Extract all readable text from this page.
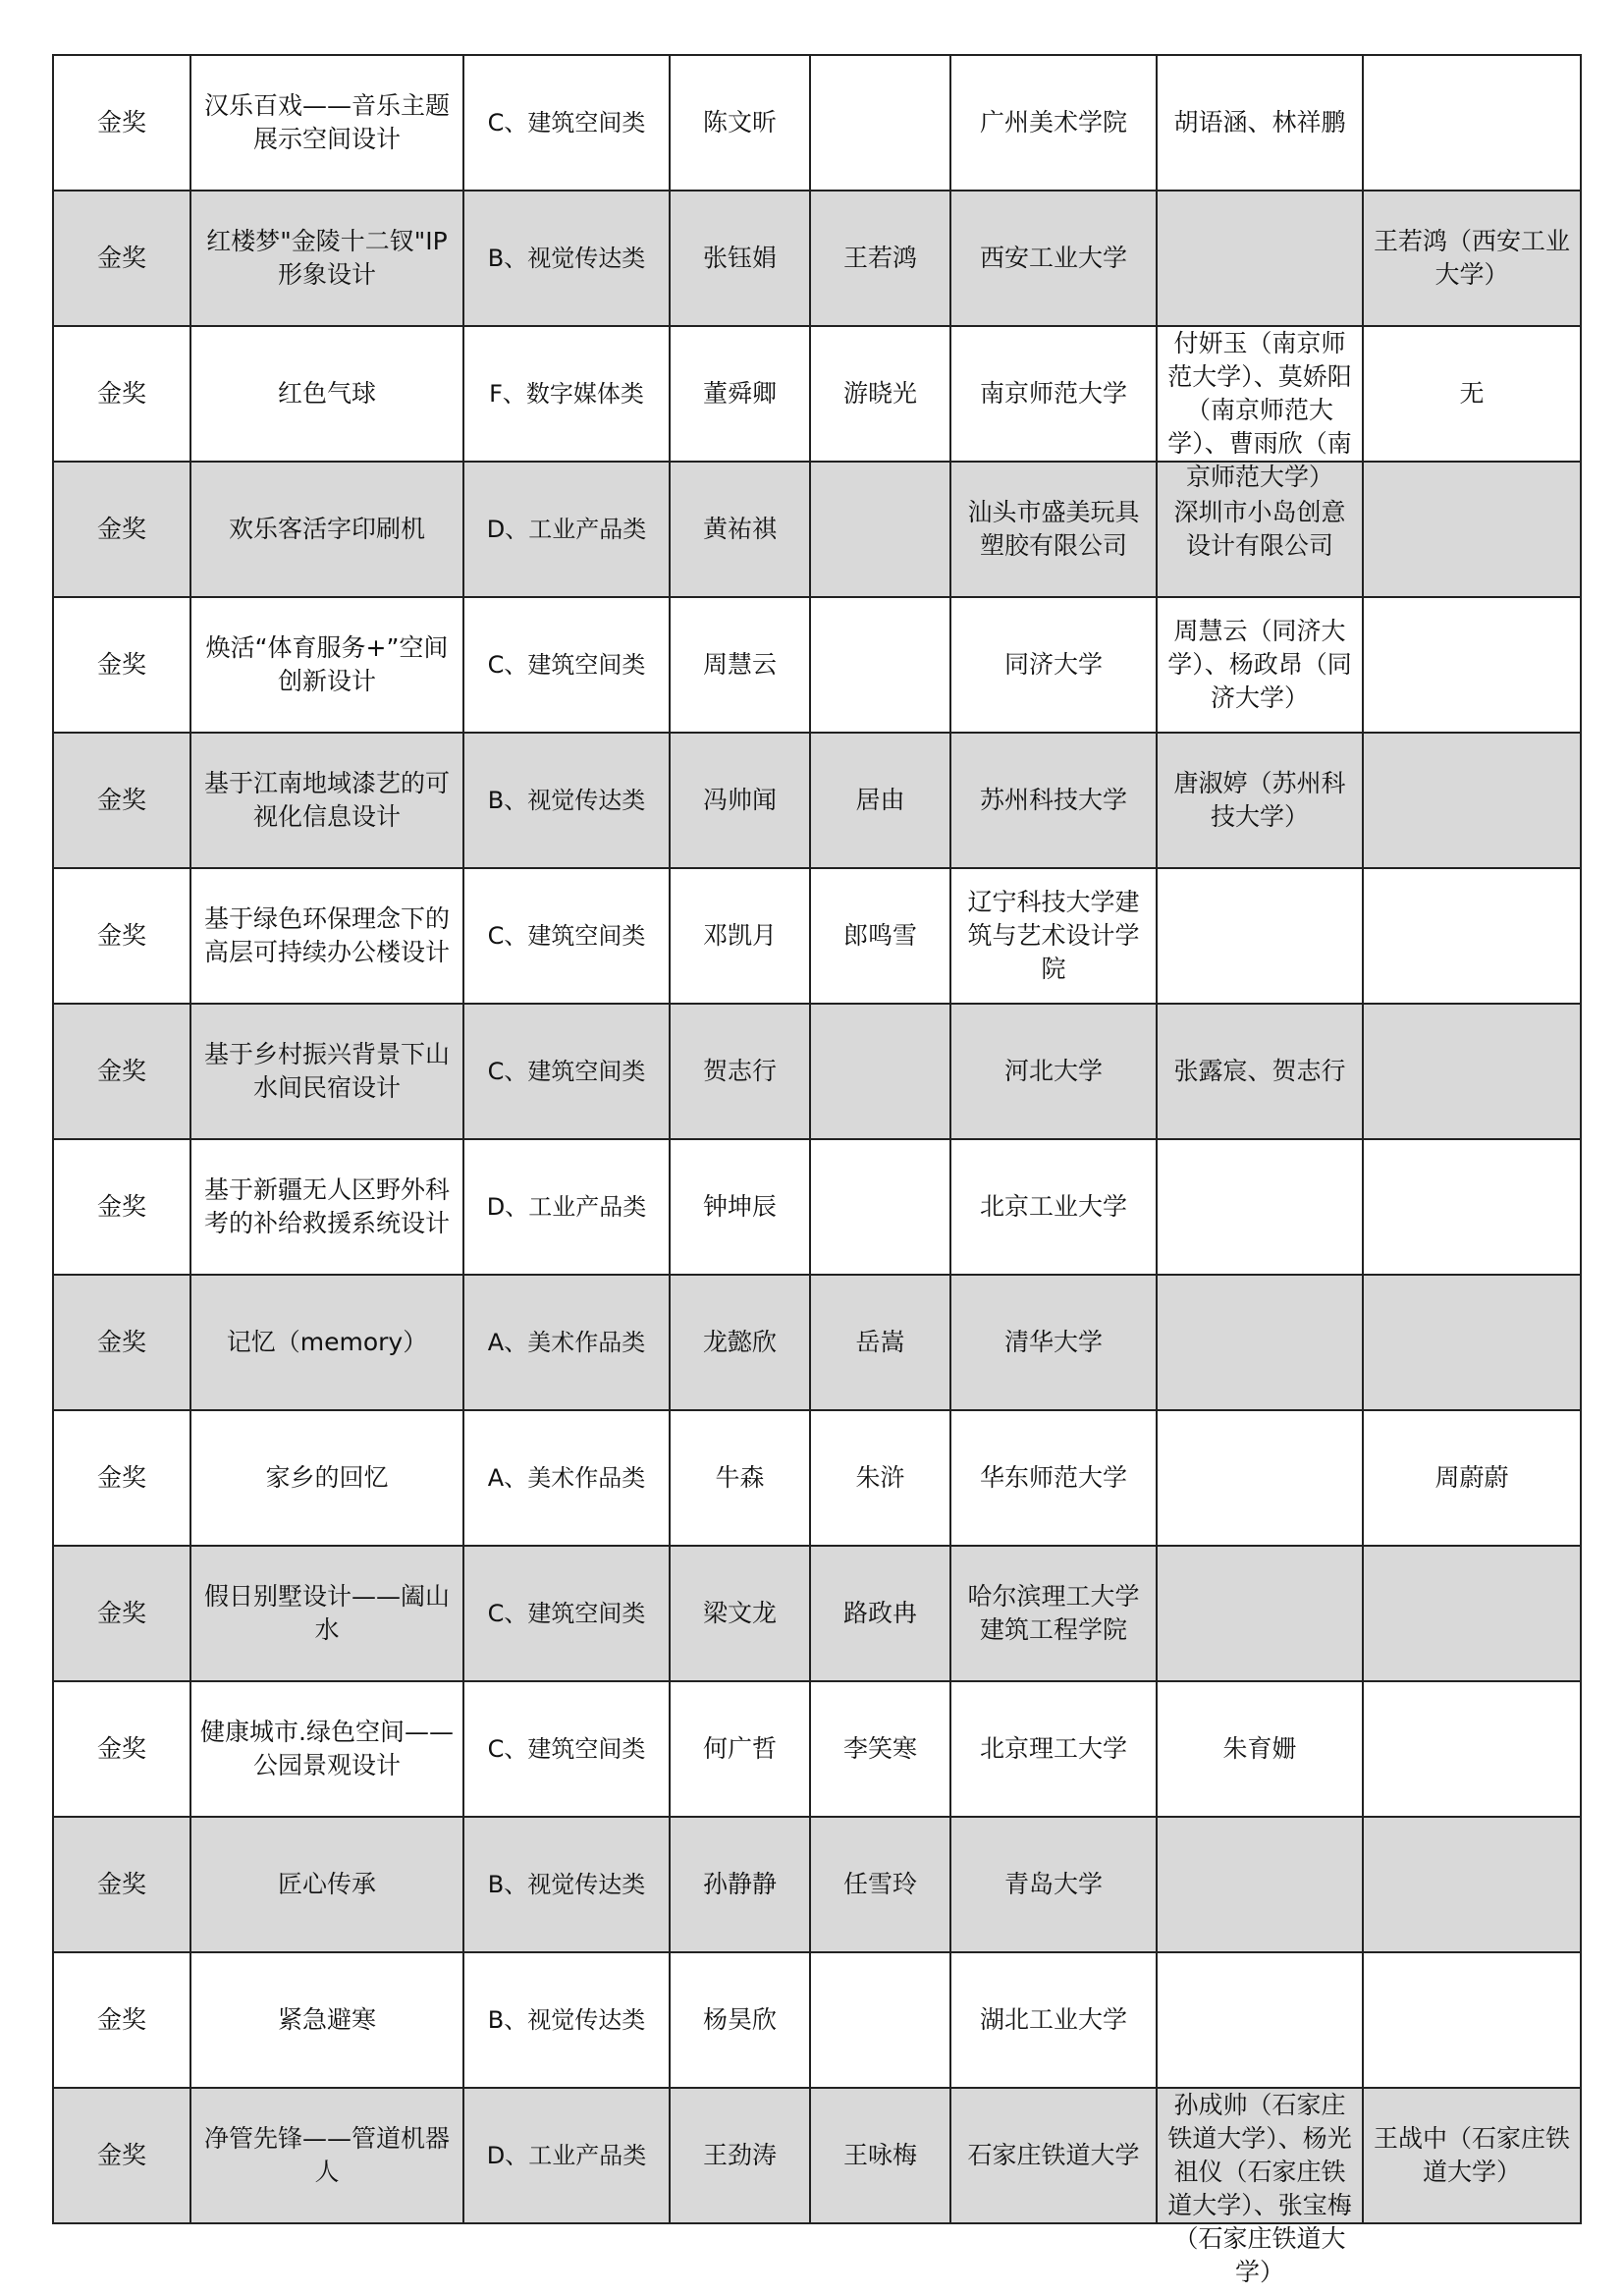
金奖	汉乐百戏——音乐主题展示空间设计	C、建筑空间类	陈文昕		广州美术学院	胡语涵、林祥鹏	

金奖	红楼梦"金陵十二钗"IP形象设计	B、视觉传达类	张钰娟	王若鸿	西安工业大学		王若鸿（西安工业大学）
金奖	红色气球	F、数字媒体类	董舜卿	游晓光	南京师范大学	付妍玉（南京师范大学）、莫娇阳（南京师范大学）、曹雨欣（南京师范大学）	无
金奖	欢乐客活字印刷机	D、工业产品类	黄祐祺		汕头市盛美玩具塑胶有限公司	深圳市小岛创意设计有限公司	

金奖	焕活“体育服务+”空间创新设计	C、建筑空间类	周慧云		同济大学	周慧云（同济大学）、杨政昂（同济大学）	

金奖	基于江南地域漆艺的可视化信息设计	B、视觉传达类	冯帅闻	居由	苏州科技大学	唐淑婷（苏州科技大学）	

金奖	基于绿色环保理念下的高层可持续办公楼设计	C、建筑空间类	邓凯月	郎鸣雪	辽宁科技大学建筑与艺术设计学院	

金奖	基于乡村振兴背景下山水间民宿设计	C、建筑空间类	贺志行		河北大学	张露宸、贺志行	

金奖	基于新疆无人区野外科考的补给救援系统设计	D、工业产品类	钟坤辰		北京工业大学	

金奖	记忆（memory）	A、美术作品类	龙懿欣	岳嵩	清华大学	

金奖	家乡的回忆	A、美术作品类	牛森	朱浒	华东师范大学		周蔚蔚
金奖	假日别墅设计——阖山水	C、建筑空间类	梁文龙	路政冉	哈尔滨理工大学建筑工程学院	

金奖	健康城市.绿色空间——公园景观设计	C、建筑空间类	何广哲	李笑寒	北京理工大学	朱育姗	

金奖	匠心传承	B、视觉传达类	孙静静	任雪玲	青岛大学	

金奖	紧急避寒	B、视觉传达类	杨昊欣		湖北工业大学	

金奖	净管先锋——管道机器人	D、工业产品类	王劲涛	王咏梅	石家庄铁道大学	孙成帅（石家庄铁道大学）、杨光祖仪（石家庄铁道大学）、张宝梅（石家庄铁道大学）	王战中（石家庄铁道大学）
